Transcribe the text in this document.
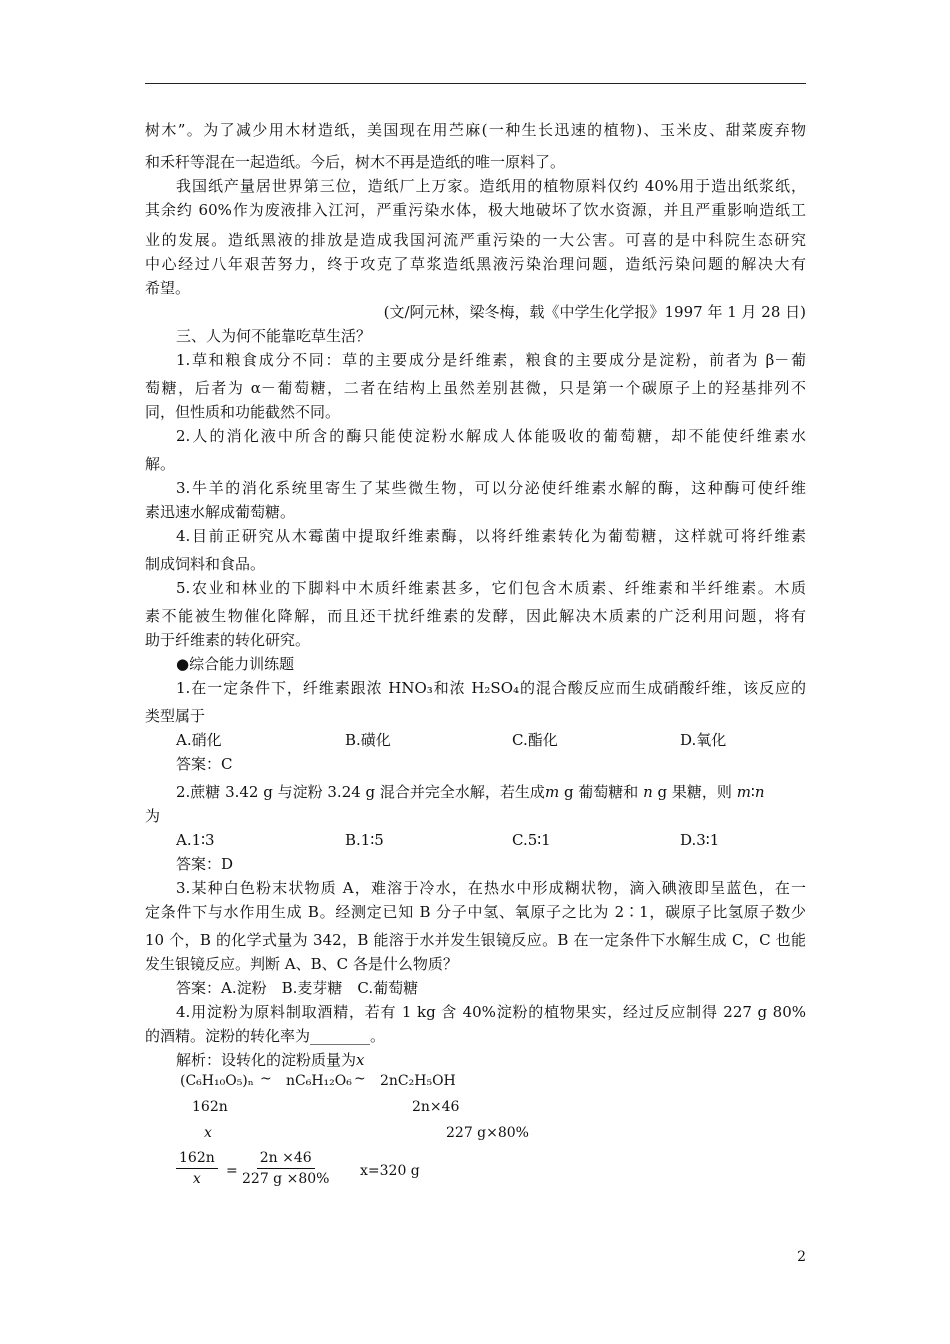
树木”。为了减少用木材造纸，美国现在用苎麻(一种生长迅速的植物)、玉米皮、甜菜废弃物
和禾秆等混在一起造纸。今后，树木不再是造纸的唯一原料了。
我国纸产量居世界第三位，造纸厂上万家。造纸用的植物原料仅约 40%用于造出纸浆纸，
其余约 60%作为废液排入江河，严重污染水体，极大地破坏了饮水资源，并且严重影响造纸工
业的发展。造纸黑液的排放是造成我国河流严重污染的一大公害。可喜的是中科院生态研究
中心经过八年艰苦努力，终于攻克了草浆造纸黑液污染治理问题，造纸污染问题的解决大有
希望。
(文/阿元林，梁冬梅，载《中学生化学报》1997 年 1 月 28 日)
三、人为何不能靠吃草生活？
1.草和粮食成分不同：草的主要成分是纤维素，粮食的主要成分是淀粉，前者为 β－葡
萄糖，后者为 α－葡萄糖，二者在结构上虽然差别甚微，只是第一个碳原子上的羟基排列不
同，但性质和功能截然不同。
2.人的消化液中所含的酶只能使淀粉水解成人体能吸收的葡萄糖，却不能使纤维素水
解。
3.牛羊的消化系统里寄生了某些微生物，可以分泌使纤维素水解的酶，这种酶可使纤维
素迅速水解成葡萄糖。
4.目前正研究从木霉菌中提取纤维素酶，以将纤维素转化为葡萄糖，这样就可将纤维素
制成饲料和食品。
5.农业和林业的下脚料中木质纤维素甚多，它们包含木质素、纤维素和半纤维素。木质
素不能被生物催化降解，而且还干扰纤维素的发酵，因此解决木质素的广泛利用问题，将有
助于纤维素的转化研究。
●综合能力训练题
1.在一定条件下，纤维素跟浓 HNO₃和浓 H₂SO₄的混合酸反应而生成硝酸纤维，该反应的
类型属于
A.硝化	B.磺化	C.酯化	D.氧化
答案：C
2.蔗糖 3.42 g 与淀粉 3.24 g 混合并完全水解，若生成m g 葡萄糖和 n g 果糖，则 m∶n
为
A.1∶3	B.1∶5	C.5∶1	D.3∶1
答案：D
3.某种白色粉末状物质 A，难溶于冷水，在热水中形成糊状物，滴入碘液即呈蓝色，在一
定条件下与水作用生成 B。经测定已知 B 分子中氢、氧原子之比为 2∶1，碳原子比氢原子数少
10 个，B 的化学式量为 342，B 能溶于水并发生银镜反应。B 在一定条件下水解生成 C，C 也能
发生银镜反应。判断 A、B、C 各是什么物质？
答案：A.淀粉　B.麦芽糖　C.葡萄糖
4.用淀粉为原料制取酒精，若有 1 kg 含 40%淀粉的植物果实，经过反应制得 227 g 80%
的酒精。淀粉的转化率为________。
解析：设转化的淀粉质量为x
(C₆H₁₀O₅)ₙ ~ nC₆H₁₂O₆ ~ 2nC₂H₅OH
162n	2n×46
x	227 g×80%
$\frac{162n}{x} = \frac{2n \times 46}{227 g \times 80\%} x=320$ g
2
